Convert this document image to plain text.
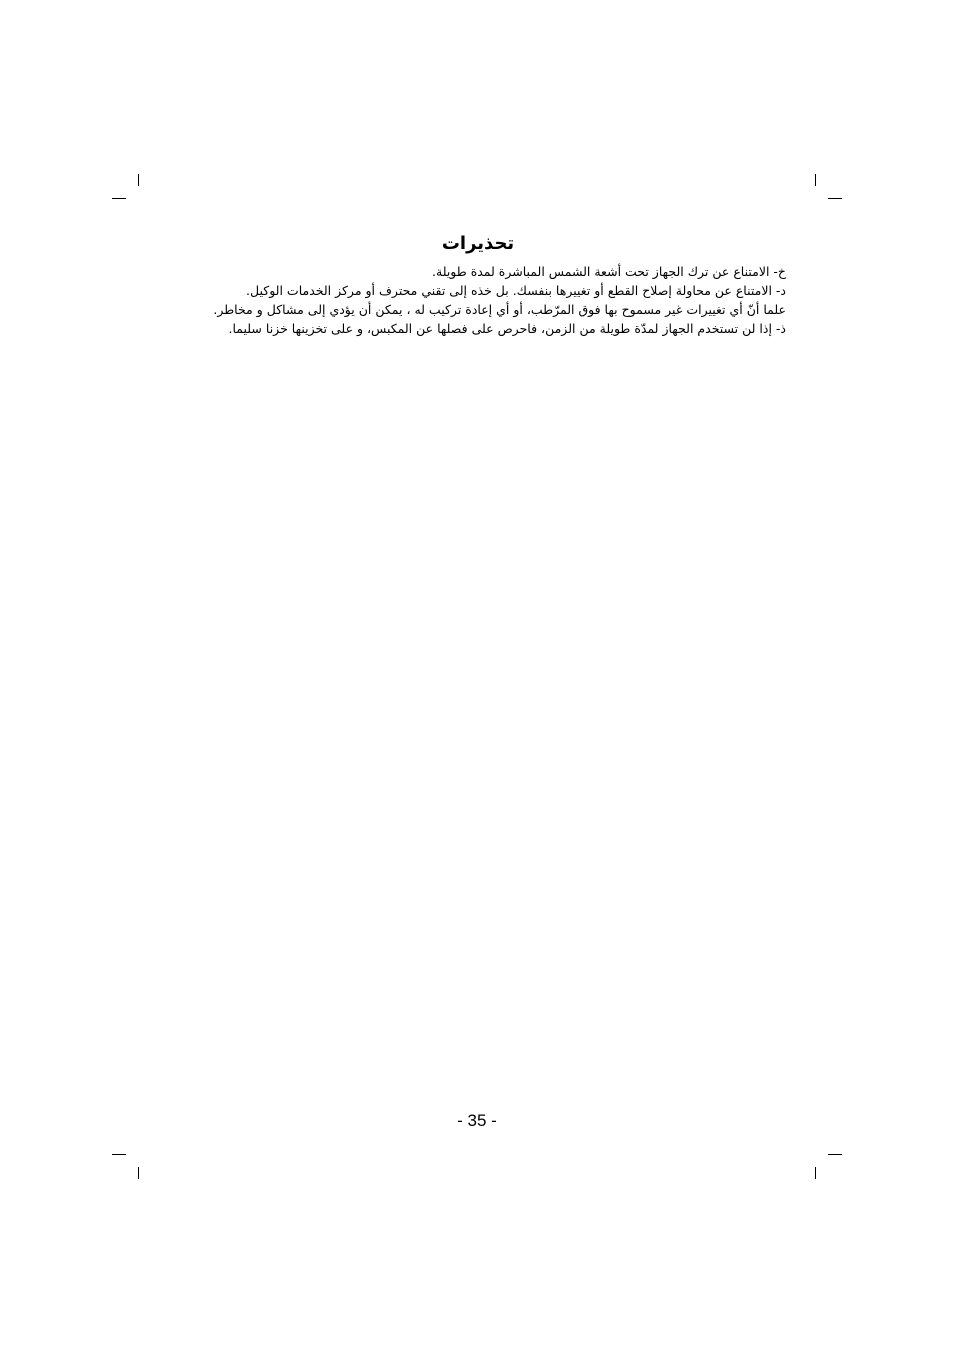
تحذيرات

خ- الامتناع عن ترك الجهاز تحت أشعة الشمس المباشرة لمدة طويلة.

د- الامتناع عن محاولة إصلاح القطع أو تغييرها بنفسك. بل خذه إلى تقني محترف أو مركز الخدمات الوكيل.

علما أنّ أي تغييرات غير مسموح بها فوق المرّطب، أو أي إعادة تركيب له ، يمكن أن يؤدي إلى مشاكل و مخاطر.

ذ- إذا لن تستخدم الجهاز لمدّة طويلة من الزمن، فاحرص على فصلها عن المكبس، و على تخزينها خزنا سليما.

- 35 -
